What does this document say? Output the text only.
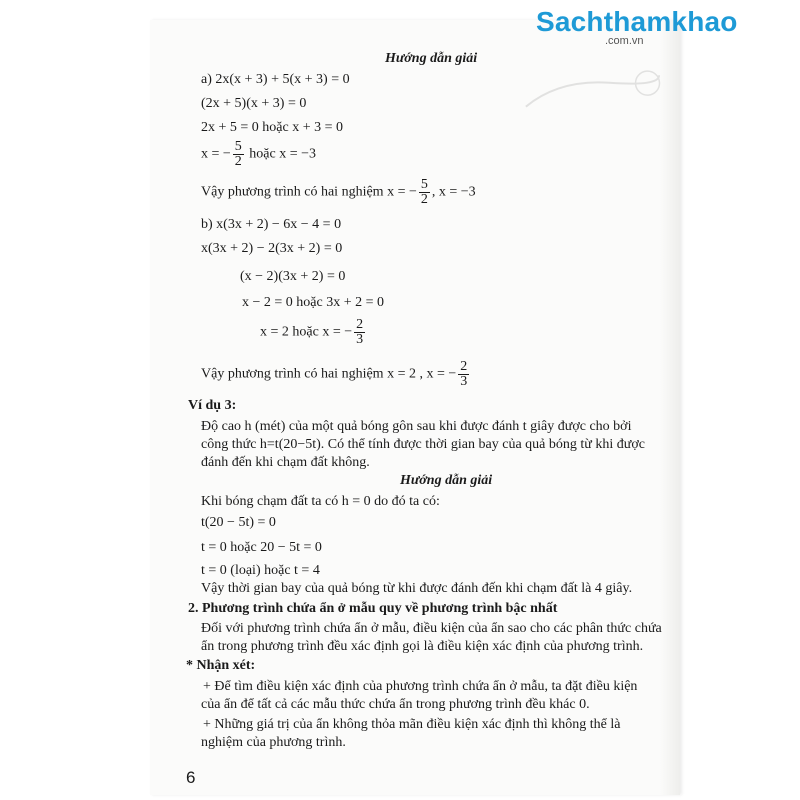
Sachthamkhao
.com.vn
Hướng dẫn giải
a) 2x(x + 3) + 5(x + 3) = 0
(2x + 5)(x + 3) = 0
2x + 5 = 0 hoặc x + 3 = 0
x = − $\frac{5}{2}$ hoặc x = −3
Vậy phương trình có hai nghiệm x = − $\frac{5}{2}$ , x = −3
b) x(3x + 2) − 6x − 4 = 0
x(3x + 2) − 2(3x + 2) = 0
(x − 2)(3x + 2) = 0
x − 2 = 0 hoặc 3x + 2 = 0
x = 2 hoặc x = − $\frac{2}{3}$
Vậy phương trình có hai nghiệm x = 2 , x = − $\frac{2}{3}$
Ví dụ 3:
Độ cao h (mét) của một quả bóng gôn sau khi được đánh t giây được cho bởi
công thức h=t(20−5t). Có thể tính được thời gian bay của quả bóng từ khi được
đánh đến khi chạm đất không.
Hướng dẫn giải
Khi bóng chạm đất ta có h = 0 do đó ta có:
t(20 − 5t) = 0
t = 0 hoặc 20 − 5t = 0
t = 0 (loại) hoặc t = 4
Vậy thời gian bay của quả bóng từ khi được đánh đến khi chạm đất là 4 giây.
2. Phương trình chứa ẩn ở mẫu quy về phương trình bậc nhất
Đối với phương trình chứa ẩn ở mẫu, điều kiện của ẩn sao cho các phân thức chứa
ẩn trong phương trình đều xác định gọi là điều kiện xác định của phương trình.
* Nhận xét:
+ Để tìm điều kiện xác định của phương trình chứa ẩn ở mẫu, ta đặt điều kiện
của ẩn để tất cả các mẫu thức chứa ẩn trong phương trình đều khác 0.
+ Những giá trị của ẩn không thỏa mãn điều kiện xác định thì không thể là
nghiệm của phương trình.
6
